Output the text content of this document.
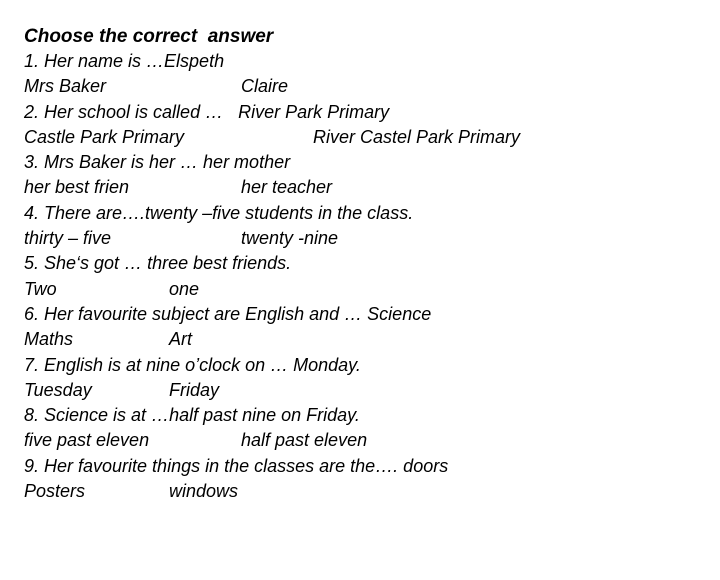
Choose the correct  answer
1. Her name is …Elspeth

Mrs Baker

	Claire

2. Her school is called …   River Park Primary

Castle Park Primary

	River Castel Park Primary

3. Mrs Baker is her … her mother

her best frien

	her teacher

4. There are….twenty –five students in the class.

thirty – five

	twenty -nine

5. She‘s got … three best friends.

Two

	one

6. Her favourite subject are English and … Science

Maths

	Art

7. English is at nine o’clock on … Monday.

Tuesday

	Friday

8. Science is at …half past nine on Friday.

five past eleven

	half past eleven

9. Her favourite things in the classes are the…. doors

Posters

	windows
